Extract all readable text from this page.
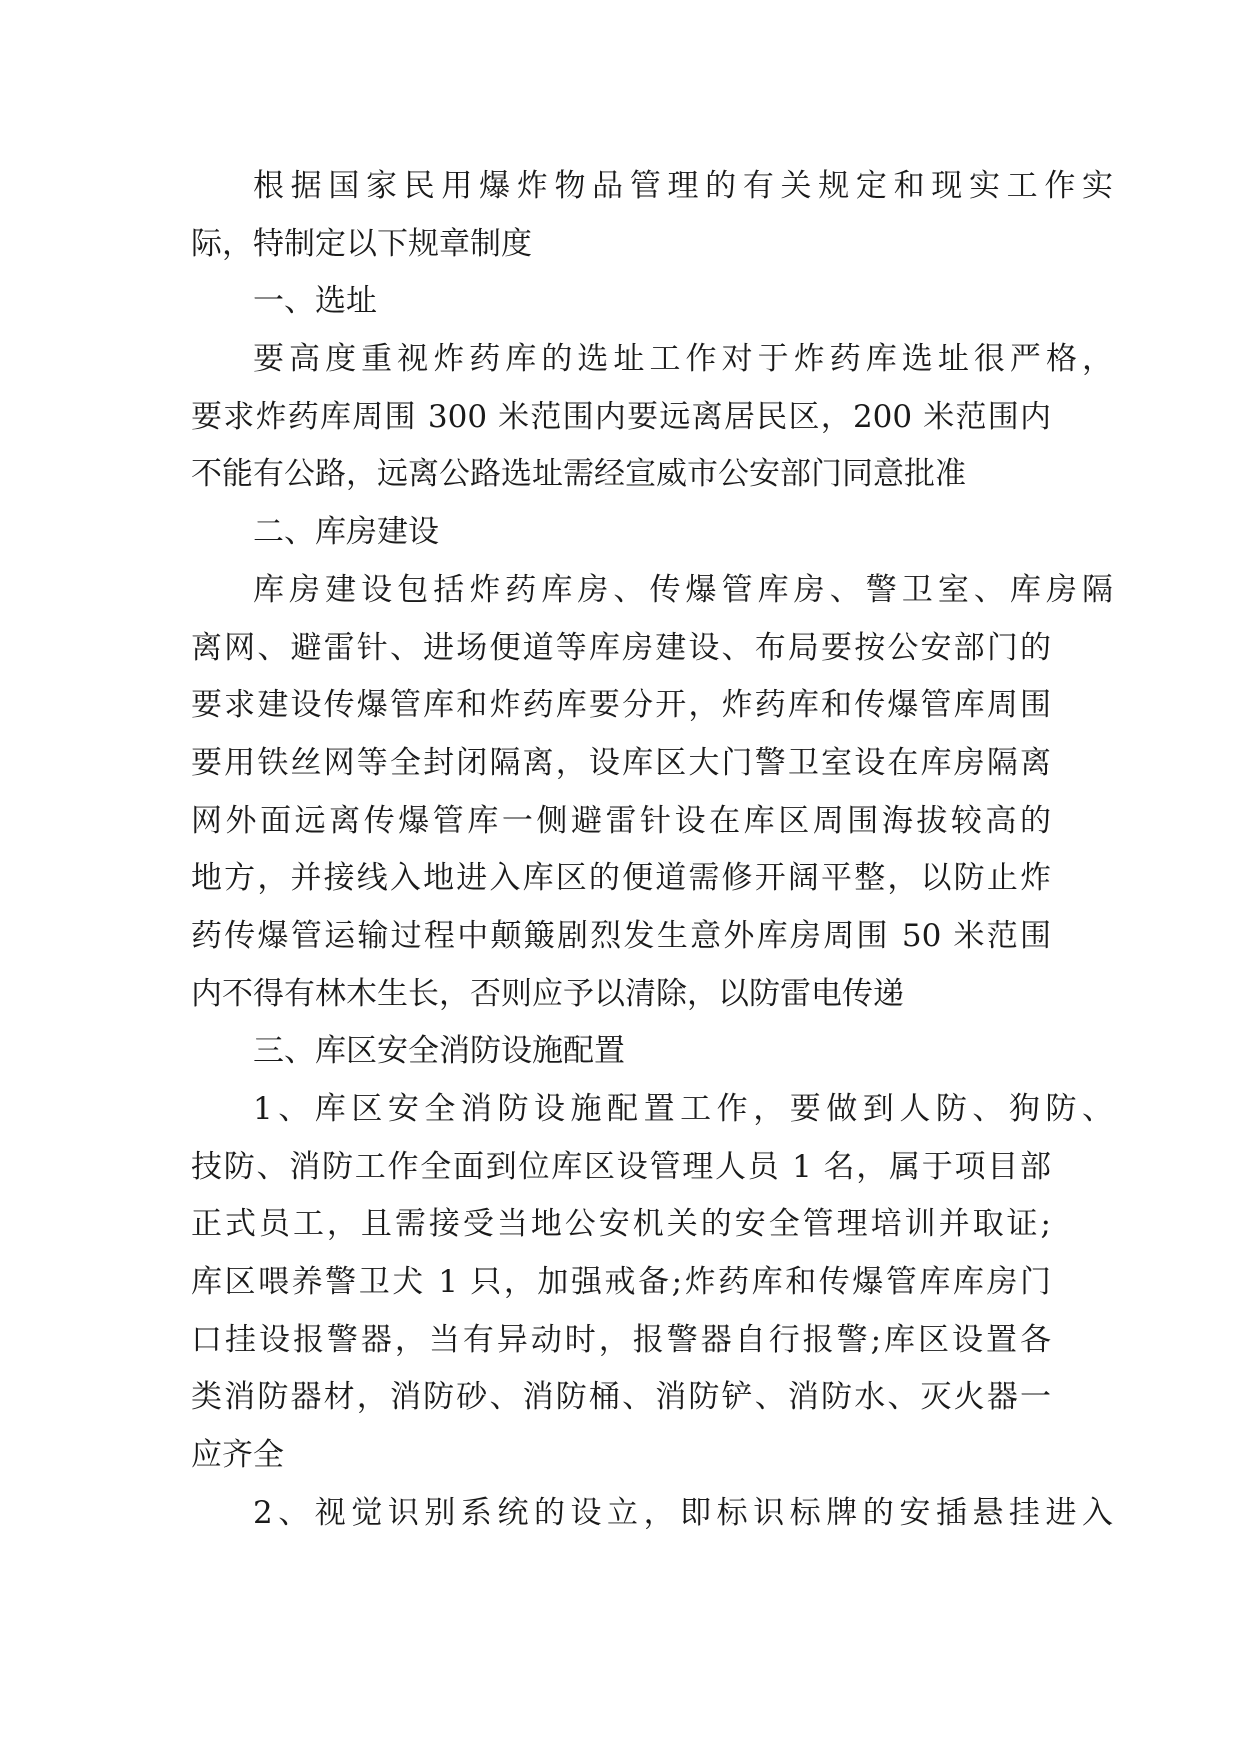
根据国家民用爆炸物品管理的有关规定和现实工作实

际，特制定以下规章制度

一、选址

要高度重视炸药库的选址工作对于炸药库选址很严格，

要求炸药库周围 300 米范围内要远离居民区，200 米范围内

不能有公路，远离公路选址需经宣威市公安部门同意批准

二、库房建设

库房建设包括炸药库房、传爆管库房、警卫室、库房隔

离网、避雷针、进场便道等库房建设、布局要按公安部门的

要求建设传爆管库和炸药库要分开，炸药库和传爆管库周围

要用铁丝网等全封闭隔离，设库区大门警卫室设在库房隔离

网外面远离传爆管库一侧避雷针设在库区周围海拔较高的

地方，并接线入地进入库区的便道需修开阔平整，以防止炸

药传爆管运输过程中颠簸剧烈发生意外库房周围 50 米范围

内不得有林木生长，否则应予以清除，以防雷电传递

三、库区安全消防设施配置

1、库区安全消防设施配置工作，要做到人防、狗防、

技防、消防工作全面到位库区设管理人员 1 名，属于项目部

正式员工，且需接受当地公安机关的安全管理培训并取证;

库区喂养警卫犬 1 只，加强戒备;炸药库和传爆管库库房门

口挂设报警器，当有异动时，报警器自行报警;库区设置各

类消防器材，消防砂、消防桶、消防铲、消防水、灭火器一

应齐全

2、视觉识别系统的设立，即标识标牌的安插悬挂进入
